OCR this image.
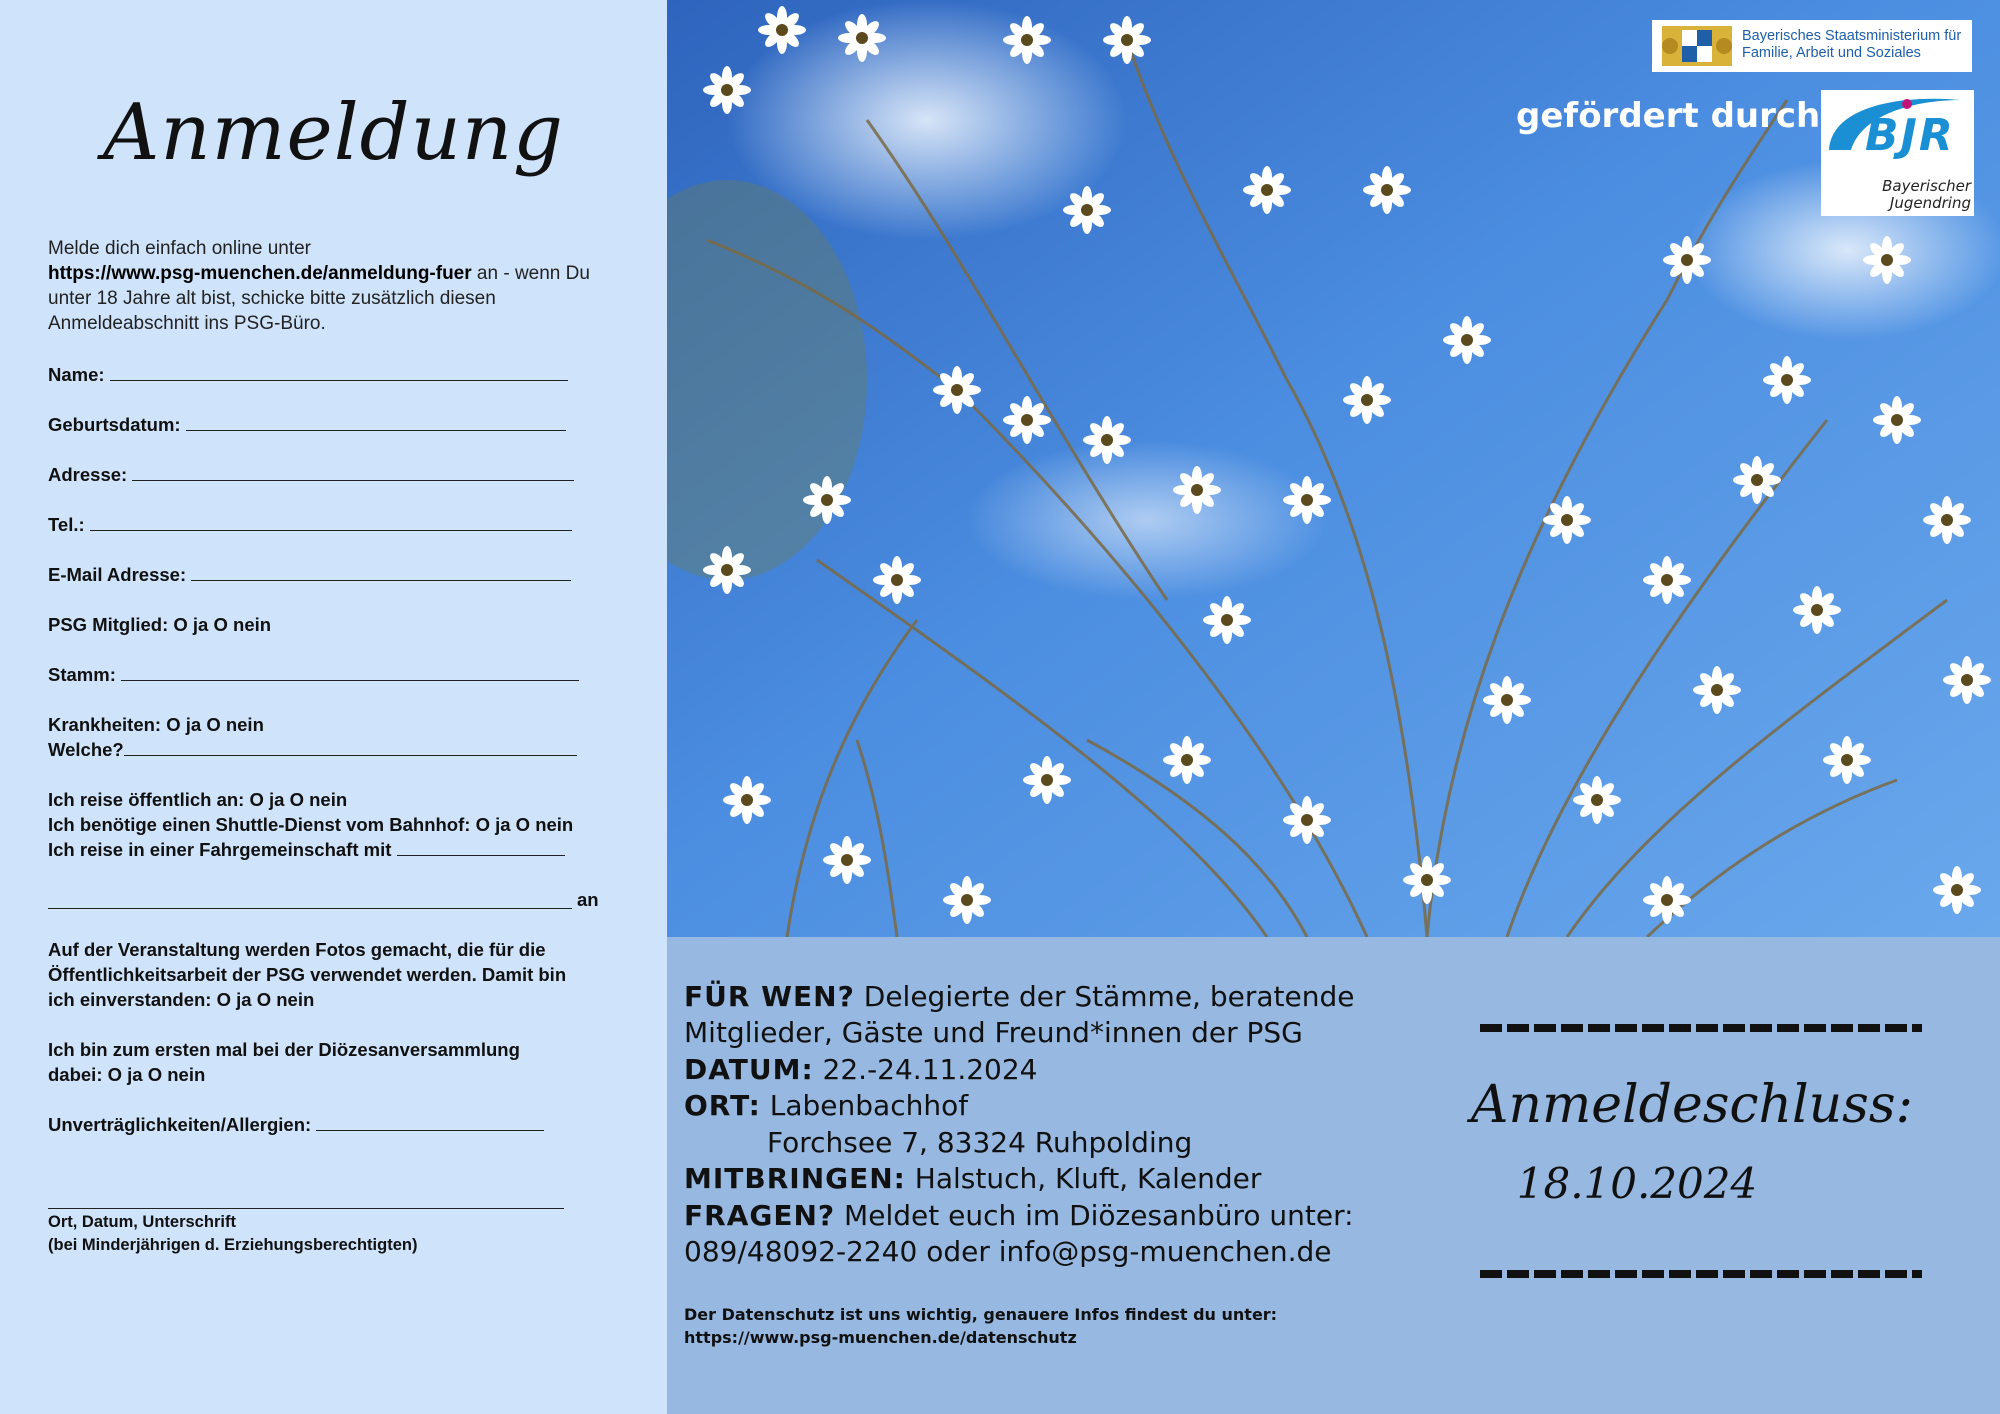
Anmeldung
Melde dich einfach online unter
https://www.psg-muenchen.de/anmeldung-fuer an - wenn Du
unter 18 Jahre alt bist, schicke bitte zusätzlich diesen
Anmeldeabschnitt ins PSG-Büro.
Name:
Geburtsdatum:
Adresse:
Tel.:
E-Mail Adresse:
PSG Mitglied: O ja O nein
Stamm:
Krankheiten: O ja O nein
Welche?
Ich reise öffentlich an: O ja O nein
Ich benötige einen Shuttle-Dienst vom Bahnhof: O ja O nein
Ich reise in einer Fahrgemeinschaft mit
an
Auf der Veranstaltung werden Fotos gemacht, die für die
Öffentlichkeitsarbeit der PSG verwendet werden. Damit bin
ich einverstanden: O ja O nein
Ich bin zum ersten mal bei der Diözesanversammlung
dabei: O ja O nein
Unverträglichkeiten/Allergien:
Ort, Datum, Unterschrift
(bei Minderjährigen d. Erziehungsberechtigten)
gefördert durch
Bayerisches Staatsministerium für
Familie, Arbeit und Soziales
BJR
Bayerischer
Jugendring
FÜR WEN? Delegierte der Stämme, beratende
Mitglieder, Gäste und Freund*innen der PSG
DATUM: 22.-24.11.2024
ORT: Labenbachhof
Forchsee 7, 83324 Ruhpolding
MITBRINGEN: Halstuch, Kluft, Kalender
FRAGEN? Meldet euch im Diözesanbüro unter:
089/48092-2240 oder info@psg-muenchen.de
Der Datenschutz ist uns wichtig, genauere Infos findest du unter:
https://www.psg-muenchen.de/datenschutz
Anmeldeschluss:
18.10.2024
